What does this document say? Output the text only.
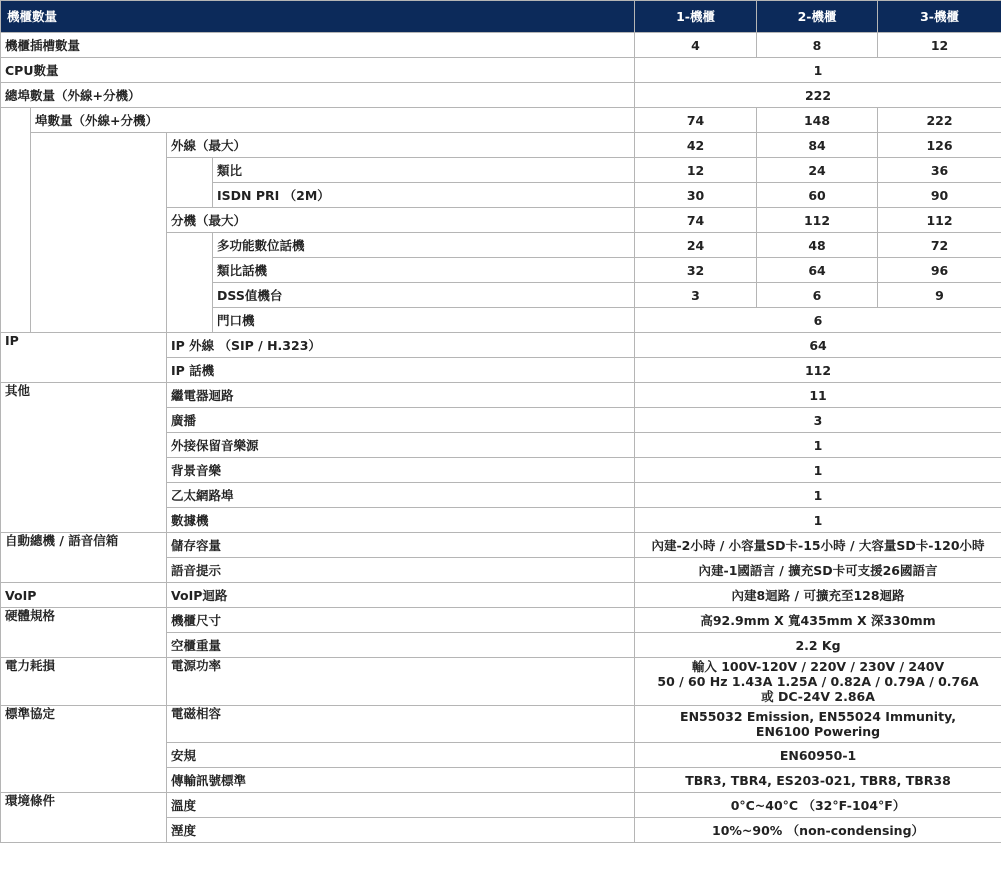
機櫃數量				1-機櫃	2-機櫃	3-機櫃
機櫃插槽數量				4	8	12
CPU數量				1		
總埠數量（外線+分機）				222		
	埠數量（外線+分機）			74	148	222
		外線（最大）		42	84	126
			類比	12	24	36
			ISDN PRI （2M）	30	60	90
		分機（最大）		74	112	112
			多功能數位話機	24	48	72
			類比話機	32	64	96
			DSS值機台	3	6	9
			門口機	6		
IP		IP 外線 （SIP / H.323）		64		
		IP 話機		112		
其他		繼電器迴路		11		
		廣播		3		
		外接保留音樂源		1		
		背景音樂		1		
		乙太網路埠		1		
		數據機		1		
自動總機 / 語音信箱		儲存容量		內建-2小時 / 小容量SD卡-15小時 / 大容量SD卡-120小時		
		語音提示		內建-1國語言 / 擴充SD卡可支援26國語言		
VoIP		VoIP迴路		內建8迴路 / 可擴充至128迴路		
硬體規格		機櫃尺寸		高92.9mm X 寬435mm X 深330mm		
		空櫃重量		2.2 Kg		
電力耗損		電源功率		輸入 100V-120V / 220V / 230V / 240V
50 / 60 Hz 1.43A 1.25A / 0.82A / 0.79A / 0.76A
或 DC-24V 2.86A		

標準協定		電磁相容		EN55032 Emission, EN55024 Immunity,
EN6100 Powering		

		安規		EN60950-1		
		傳輸訊號標準		TBR3, TBR4, ES203-021, TBR8, TBR38		
環境條件		溫度		0°C~40°C （32°F-104°F）		
		溼度		10%~90% （non-condensing）		
